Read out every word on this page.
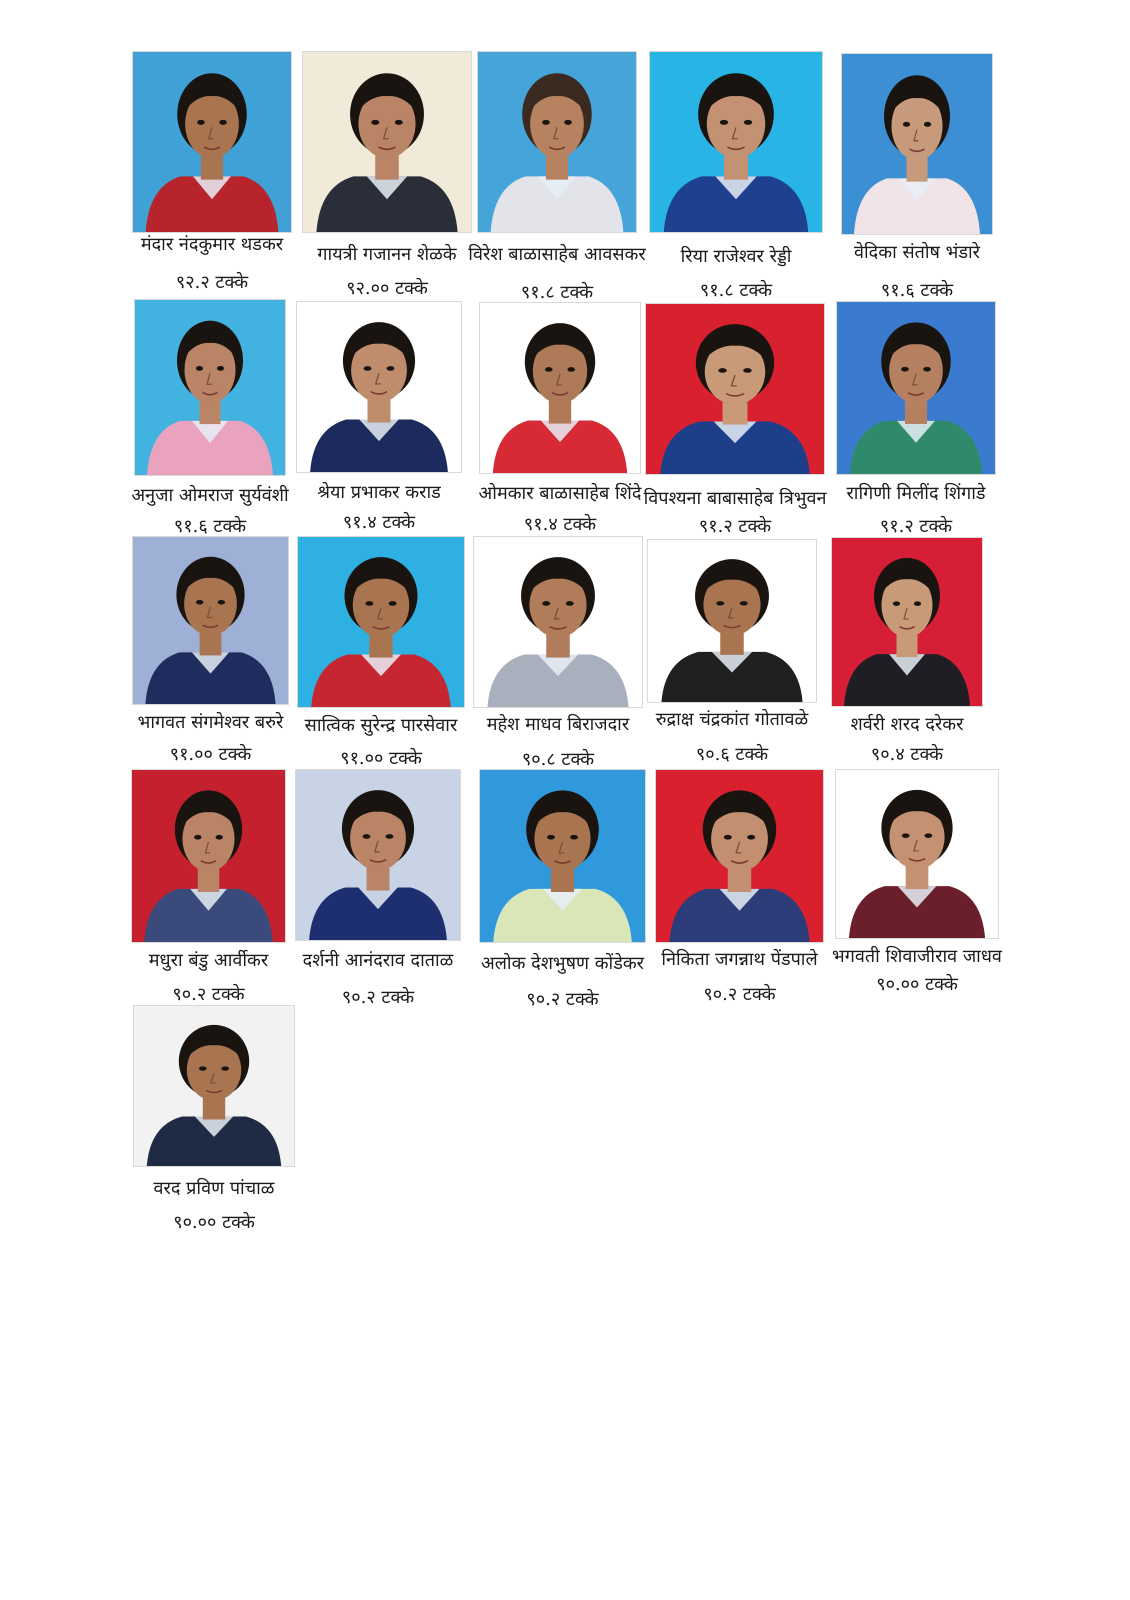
मंदार नंदकुमार थडकर
९२.२ टक्के
गायत्री गजानन शेळके
९२.०० टक्के
विरेश बाळासाहेब आवसकर
९१.८ टक्के
रिया राजेश्वर रेड्डी
९१.८ टक्के
वेदिका संतोष भंडारे
९१.६ टक्के
अनुजा ओमराज सुर्यवंशी
९१.६ टक्के
श्रेया प्रभाकर कराड
९१.४ टक्के
ओमकार बाळासाहेब शिंदे
९१.४ टक्के
विपश्यना बाबासाहेब त्रिभुवन
९१.२ टक्के
रागिणी मिलींद शिंगाडे
९१.२ टक्के
भागवत संगमेश्वर बरुरे
९१.०० टक्के
सात्विक सुरेन्द्र पारसेवार
९१.०० टक्के
महेश माधव बिराजदार
९०.८ टक्के
रुद्राक्ष चंद्रकांत गोतावळे
९०.६ टक्के
शर्वरी शरद दरेकर
९०.४ टक्के
मधुरा बंडु आर्वीकर
९०.२ टक्के
दर्शनी आनंदराव दाताळ
९०.२ टक्के
अलोक देशभुषण कोंडेकर
९०.२ टक्के
निकिता जगन्नाथ पेंडपाले
९०.२ टक्के
भगवती शिवाजीराव जाधव
९०.०० टक्के
वरद प्रविण पांचाळ
९०.०० टक्के
